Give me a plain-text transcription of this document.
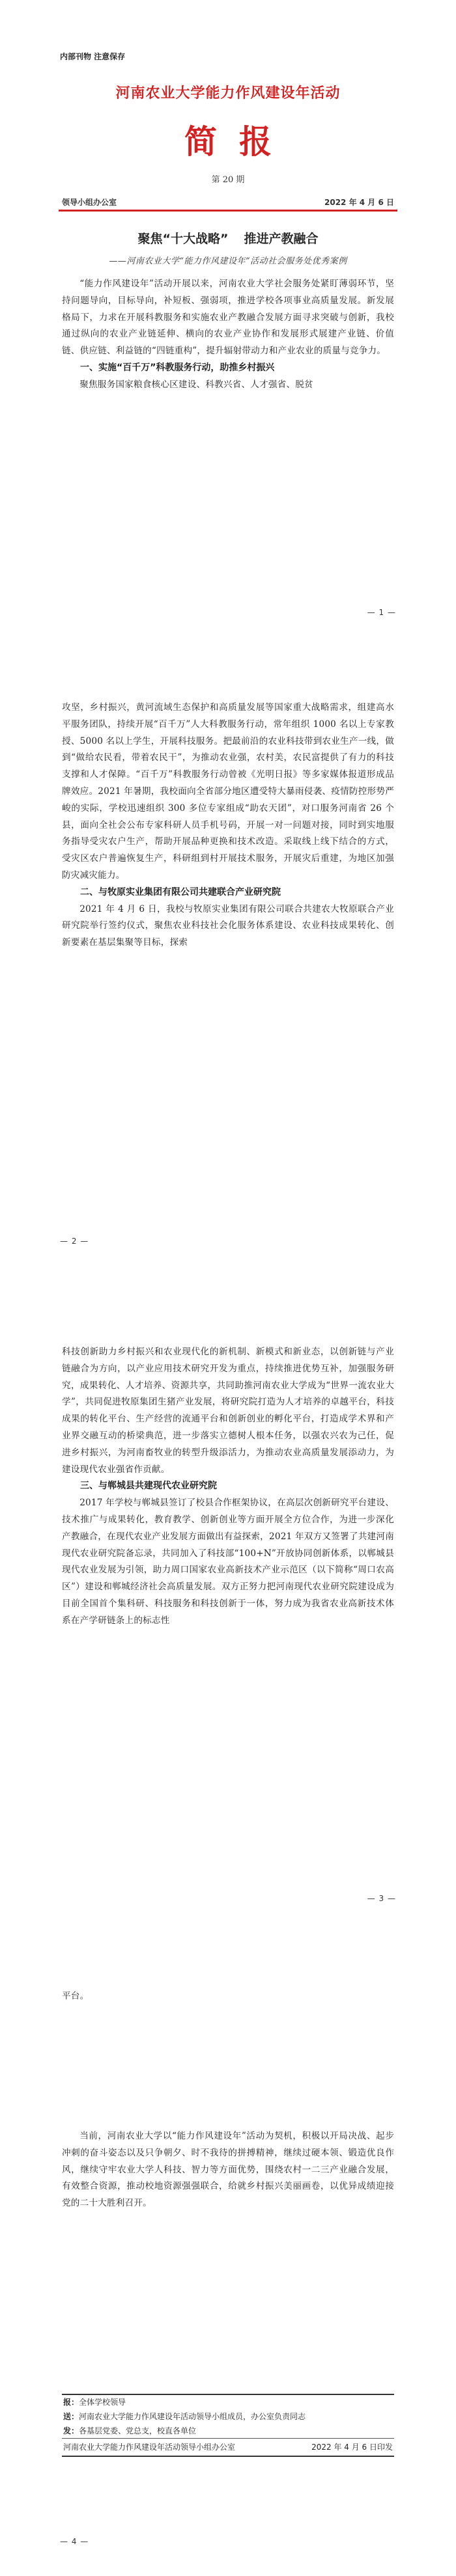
内部刊物 注意保存
河南农业大学能力作风建设年活动
简报
第 20 期
领导小组办公室	2022 年 4 月 6 日
聚焦“十大战略” 推进产教融合
——河南农业大学“能力作风建设年”活动社会服务处优秀案例

“能力作风建设年”活动开展以来，河南农业大学社会服务处紧盯薄弱环节，坚持问题导向，目标导向，补短板、强弱项，推进学校各项事业高质量发展。新发展格局下，力求在开展科教服务和实施农业产教融合发展方面寻求突破与创新，我校通过纵向的农业产业链延伸、横向的农业产业协作和发展形式展建产业链、价值链、供应链、利益链的“四链重构”，提升辐射带动力和产业农业的质量与竞争力。

一、实施“百千万”科教服务行动，助推乡村振兴

聚焦服务国家粮食核心区建设、科教兴省、人才强省、脱贫

— 1 —

攻坚，乡村振兴，黄河流域生态保护和高质量发展等国家重大战略需求，组建高水平服务团队，持续开展“百千万”人大科教服务行动，常年组织 1000 名以上专家教授、5000 名以上学生，开展科技服务。把最前沿的农业科技带到农业生产一线，做到“做给农民看，带着农民干”，为推动农业强，农村美，农民富提供了有力的科技支撑和人才保障。“百千万”科教服务行动曾被《光明日报》等多家媒体报道形成品牌效应。2021 年暑期，我校面向全省部分地区遭受特大暴雨侵袭、疫情防控形势严峻的实际，学校迅速组织 300 多位专家组成“助农天团”，对口服务河南省 26 个县，面向全社会公布专家科研人员手机号码，开展一对一问题对接，同时到实地服务指导受灾农户生产，帮助开展品种更换和技术改造。采取线上线下结合的方式，受灾区农户普遍恢复生产，科研组到村开展技术服务，开展灾后重建，为地区加强防灾减灾能力。

二、与牧原实业集团有限公司共建联合产业研究院

2021 年 4 月 6 日，我校与牧原实业集团有限公司联合共建农大牧原联合产业研究院举行签约仪式，聚焦农业科技社会化服务体系建设、农业科技成果转化、创新要素在基层集聚等目标，探索

— 2 —

科技创新助力乡村振兴和农业现代化的新机制、新模式和新业态，以创新链与产业链融合为方向，以产业应用技术研究开发为重点，持续推进优势互补，加强服务研究，成果转化、人才培养、资源共享，共同助推河南农业大学成为“世界一流农业大学”，共同促进牧原集团生猪产业发展，将研究院打造为人才培养的卓越平台，科技成果的转化平台、生产经营的流通平台和创新创业的孵化平台，打造成学术界和产业界交融互动的桥梁典范，进一步落实立德树人根本任务，以强农兴农为己任，促进乡村振兴，为河南畜牧业的转型升级添活力，为推动农业高质量发展添动力，为建设现代农业强省作贡献。

三、与郸城县共建现代农业研究院

2017 年学校与郸城县签订了校县合作框架协议，在高层次创新研究平台建设、技术推广与成果转化，教育教学、创新创业等方面开展全方位合作，为进一步深化产教融合，在现代农业产业发展方面做出有益探索，2021 年双方又签署了共建河南现代农业研究院备忘录，共同加入了科技部“100+N”开放协同创新体系，以郸城县现代农业发展为引领，助力周口国家农业高新技术产业示范区（以下简称“周口农高区”）建设和郸城经济社会高质量发展。双方正努力把河南现代农业研究院建设成为目前全国首个集科研、科技服务和科技创新于一体，努力成为我省农业高新技术体系在产学研链条上的标志性

— 3 —

平台。

当前，河南农业大学以“能力作风建设年”活动为契机，积极以开局决战、起步冲刺的奋斗姿态以及只争朝夕、时不我待的拼搏精神，继续过硬本领、锻造优良作风，继续守牢农业大学人科技、智力等方面优势，围绕农村一二三产业融合发展，有效整合资源，推动校地资源强强联合，给就乡村振兴美丽画卷，以优异成绩迎接党的二十大胜利召开。

报：全体学校领导
送：河南农业大学能力作风建设年活动领导小组成员，办公室负责同志
发：各基层党委、党总支，校直各单位
河南农业大学能力作风建设年活动领导小组办公室	2022 年 4 月 6 日印发
— 4 —
